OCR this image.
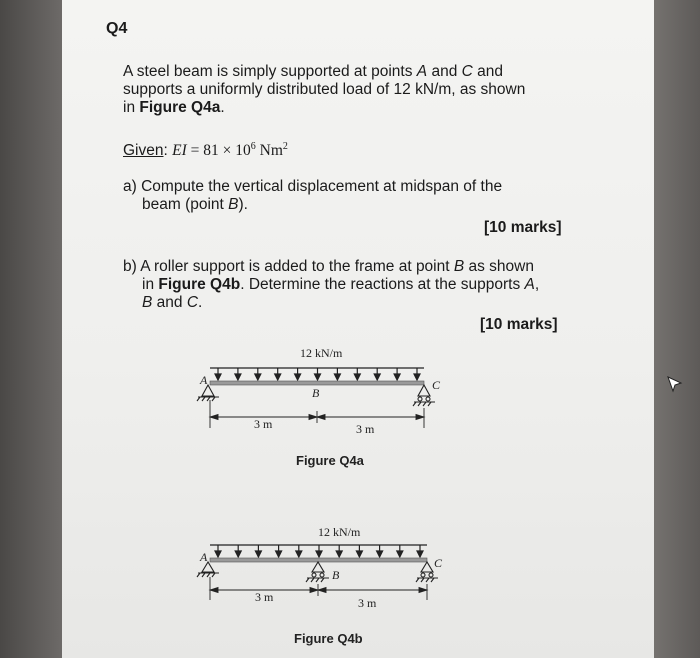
Q4
A steel beam is simply supported at points A and C and
supports a uniformly distributed load of 12 kN/m, as shown
in Figure Q4a.
Given: EI = $81 \times 10^6$ Nm$^2$
a) Compute the vertical displacement at midspan of the
beam (point B).
[10 marks]
b) A roller support is added to the frame at point B as shown
in Figure Q4b. Determine the reactions at the supports A,
B and C.
[10 marks]
12 kN/m
A
B
C
3 m	3 m
Figure Q4a
12 kN/m
A
B
C
3 m	3 m
Figure Q4b
